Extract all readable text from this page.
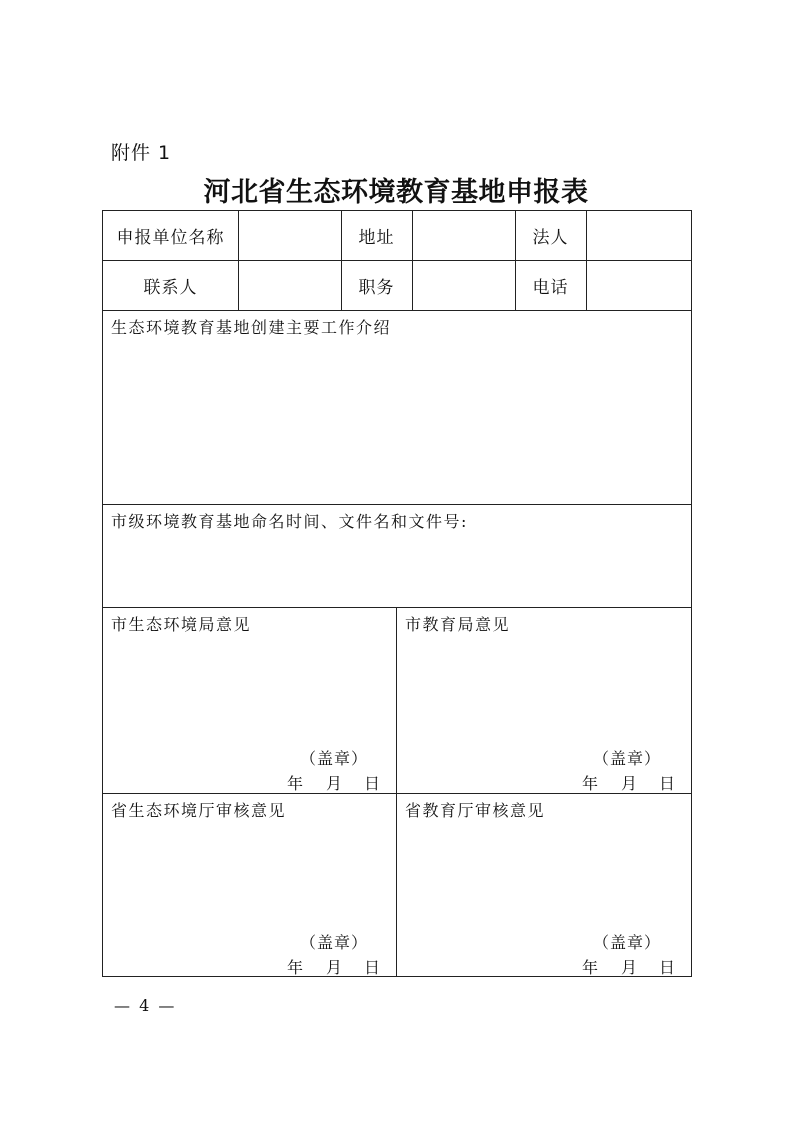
附件 1
河北省生态环境教育基地申报表
申报单位名称	地址	法人
联系人	职务	电话
生态环境教育基地创建主要工作介绍
市级环境教育基地命名时间、文件名和文件号:
市生态环境局意见
（盖章）
年 月 日
市教育局意见
（盖章）
年 月 日
省生态环境厅审核意见
（盖章）
年 月 日
省教育厅审核意见
（盖章）
年 月 日
— 4 —
